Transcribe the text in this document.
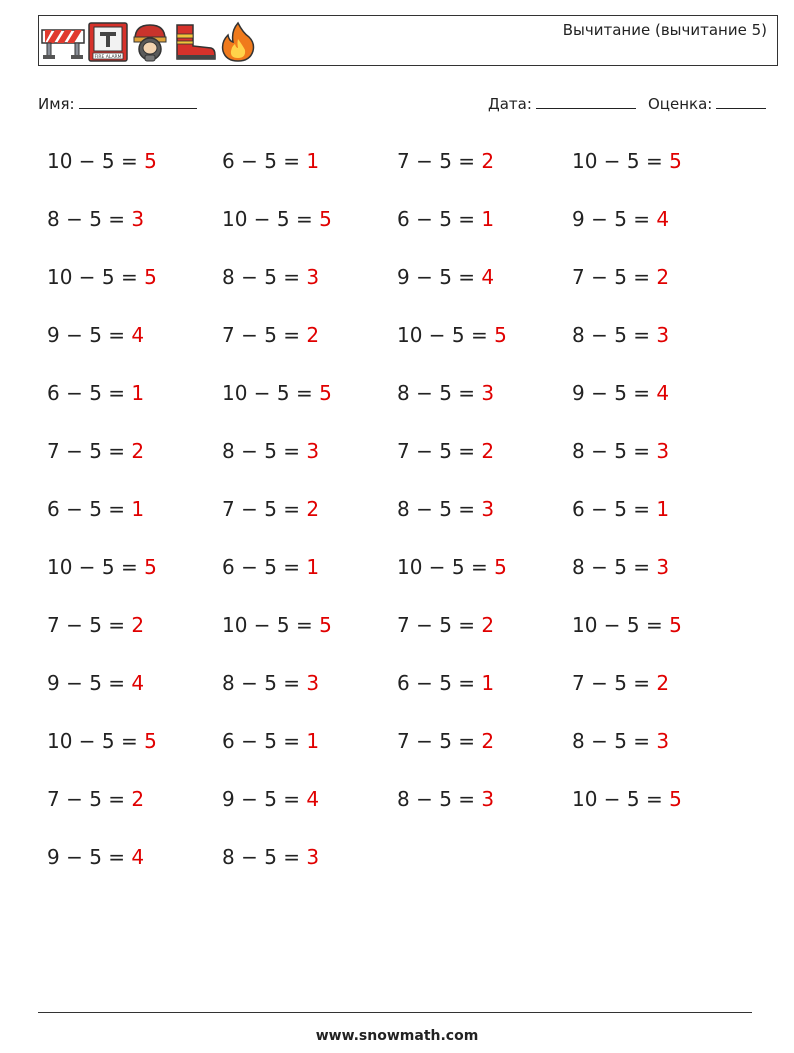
FIRE ALARM
Вычитание (вычитание 5)
Имя:	Дата:	Оценка:
10 − 5 = 5	6 − 5 = 1	7 − 5 = 2	10 − 5 = 5
8 − 5 = 3	10 − 5 = 5	6 − 5 = 1	9 − 5 = 4
10 − 5 = 5	8 − 5 = 3	9 − 5 = 4	7 − 5 = 2
9 − 5 = 4	7 − 5 = 2	10 − 5 = 5	8 − 5 = 3
6 − 5 = 1	10 − 5 = 5	8 − 5 = 3	9 − 5 = 4
7 − 5 = 2	8 − 5 = 3	7 − 5 = 2	8 − 5 = 3
6 − 5 = 1	7 − 5 = 2	8 − 5 = 3	6 − 5 = 1
10 − 5 = 5	6 − 5 = 1	10 − 5 = 5	8 − 5 = 3
7 − 5 = 2	10 − 5 = 5	7 − 5 = 2	10 − 5 = 5
9 − 5 = 4	8 − 5 = 3	6 − 5 = 1	7 − 5 = 2
10 − 5 = 5	6 − 5 = 1	7 − 5 = 2	8 − 5 = 3
7 − 5 = 2	9 − 5 = 4	8 − 5 = 3	10 − 5 = 5
9 − 5 = 4	8 − 5 = 3
www.snowmath.com
